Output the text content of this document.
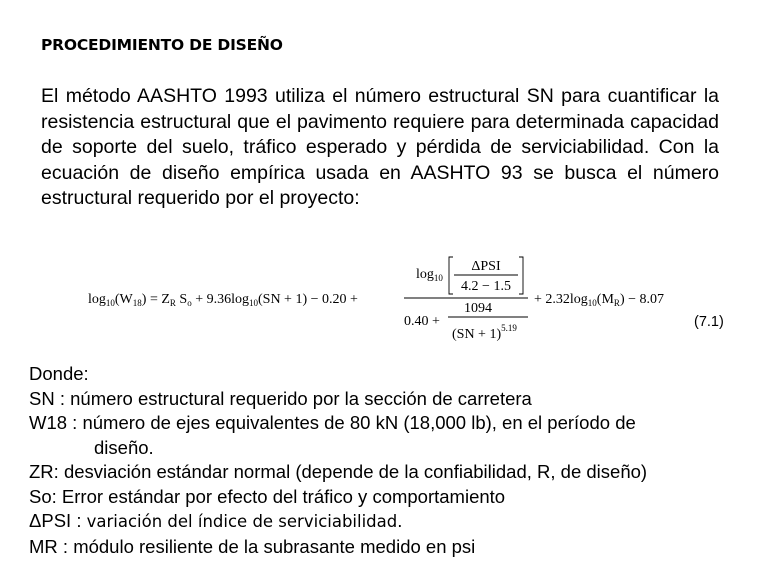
PROCEDIMIENTO DE DISEÑO
El método AASHTO 1993 utiliza el número estructural SN para cuantificar la resistencia estructural que el pavimento requiere para determinada capacidad de soporte del suelo, tráfico esperado y pérdida de serviciabilidad. Con la ecuación de diseño empírica usada en AASHTO 93 se busca el número estructural requerido por el proyecto:
$\log_{10}(W_{18}) = Z_R$ $S_o + 9.36\log_{10}(SN + 1) - 0.20$ +
$\log_{10}$
ΔPSI
4.2 − 1.5
0.40 +
1094
(SN + 1)$^{5.19}$
+ $2.32\log_{10}(M_R) - 8.07$
(7.1)
Donde:
SN : número estructural requerido por la sección de carretera
W18 : número de ejes equivalentes de 80 kN (18,000 lb), en el período de
diseño.
ZR: desviación estándar normal (depende de la confiabilidad, R, de diseño)
So: Error estándar por efecto del tráfico y comportamiento
ΔPSI : variación del índice de serviciabilidad.
MR : módulo resiliente de la subrasante medido en psi
